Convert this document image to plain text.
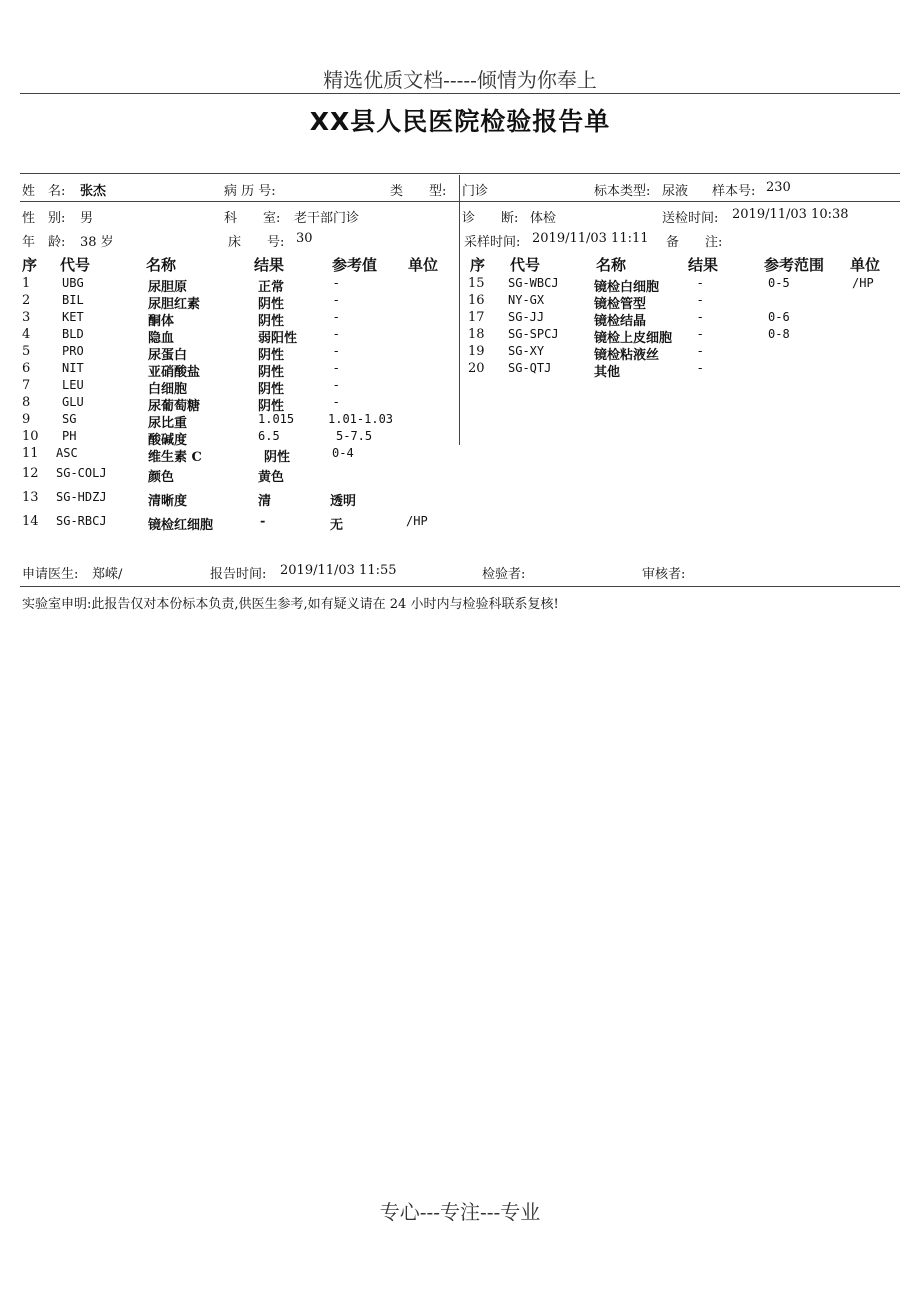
精选优质文档-----倾情为你奉上
XX县人民医院检验报告单
姓　名: 张杰	病 历 号:	类　　型: 门诊	标本类型: 尿液 样本号: 230
性　别: 男	科　　室: 老干部门诊	诊　　断: 体检	送检时间: 2019/11/03 10:38
年　龄: 38 岁	床　　号: 30	采样时间: 2019/11/03 11:11 备　　注:
序 代号	名称	结果	参考值 单位 序 代号	名称	结果	参考范围 单位
1	UBG	尿胆原	正常	-
2	BIL	尿胆红素	阴性	-
3	KET	酮体	阴性	-
4	BLD	隐血	弱阳性	-
5	PRO	尿蛋白	阴性	-
6	NIT	亚硝酸盐	阴性	-
7	LEU	白细胞	阴性	-
8	GLU	尿葡萄糖	阴性	-
9	SG	尿比重	1.015	1.01-1.03
10 PH	酸碱度	6.5	5-7.5
11 ASC	维生素 C	阴性	0-4
12 SG-COLJ	颜色	黄色
13 SG-HDZJ	清晰度	清	透明
14 SG-RBCJ	镜检红细胞	-	无	/HP
15 SG-WBCJ	镜检白细胞	-	0-5	/HP
16 NY-GX	镜检管型	-
17 SG-JJ	镜检结晶	-	0-6
18 SG-SPCJ	镜检上皮细胞 -	0-8
19 SG-XY	镜检粘液丝	-
20 SG-QTJ	其他	-
申请医生: 郑嵘/	报告时间: 2019/11/03 11:55	检验者:	审核者:
实验室申明:此报告仅对本份标本负责,供医生参考,如有疑义请在 24 小时内与检验科联系复核!
专心---专注---专业
